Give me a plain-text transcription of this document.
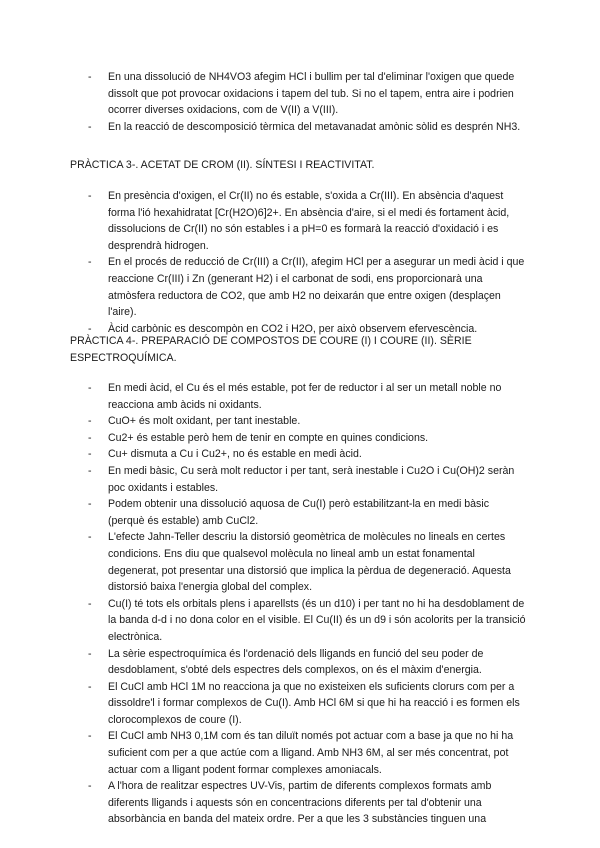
- En una dissolució de NH4VO3 afegim HCl i bullim per tal d'eliminar l'oxigen que quede dissolt que pot provocar oxidacions i tapem del tub. Si no el tapem, entra aire i podrien ocorrer diverses oxidacions, com de V(II) a V(III).
- En la reacció de descomposició tèrmica del metavanadat amònic sòlid es desprén NH3.
PRÀCTICA 3-. ACETAT DE CROM (II). SÍNTESI I REACTIVITAT.
- En presència d'oxigen, el Cr(II) no és estable, s'oxida a Cr(III). En absència d'aquest forma l'ió hexahidratat [Cr(H2O)6]2+. En absència d'aire, si el medi és fortament àcid, dissolucions de Cr(II) no són estables i a pH=0 es formarà la reacció d'oxidació i es desprendrà hidrogen.
- En el procés de reducció de Cr(III) a Cr(II), afegim HCl per a asegurar un medi àcid i que reaccione Cr(III) i Zn (generant H2) i el carbonat de sodi, ens proporcionarà una atmòsfera reductora de CO2, que amb H2 no deixarán que entre oxigen (desplaçen l'aire).
- Àcid carbònic es descompòn en CO2 i H2O, per això observem efervescència.
PRÀCTICA 4-. PREPARACIÓ DE COMPOSTOS DE COURE (I) I COURE (II). SÈRIE ESPECTROQUÍMICA.
- En medi àcid, el Cu és el més estable, pot fer de reductor i al ser un metall noble no reacciona amb àcids ni oxidants.
- CuO+ és molt oxidant, per tant inestable.
- Cu2+ és estable però hem de tenir en compte en quines condicions.
- Cu+ dismuta a Cu i Cu2+, no és estable en medi àcid.
- En medi bàsic, Cu serà molt reductor i per tant, serà inestable i Cu2O i Cu(OH)2 seràn poc oxidants i estables.
- Podem obtenir una dissolució aquosa de Cu(I) però estabilitzant-la en medi bàsic (perquè és estable) amb CuCl2.
- L'efecte Jahn-Teller descriu la distorsió geomètrica de molècules no lineals en certes condicions. Ens diu que qualsevol molècula no lineal amb un estat fonamental degenerat, pot presentar una distorsió que implica la pèrdua de degeneració. Aquesta distorsió baixa l'energia global del complex.
- Cu(I) té tots els orbitals plens i aparellsts (és un d10) i per tant no hi ha desdoblament de la banda d-d i no dona color en el visible. El Cu(II) és un d9 i són acolorits per la transició electrònica.
- La sèrie espectroquímica és l'ordenació dels lligands en funció del seu poder de desdoblament, s'obté dels espectres dels complexos, on és el màxim d'energia.
- El CuCl amb HCl 1M no reacciona ja que no existeixen els suficients clorurs com per a dissoldre'l i formar complexos de Cu(I). Amb HCl 6M si que hi ha reacció i es formen els clorocomplexos de coure (I).
- El CuCl amb NH3 0,1M com és tan diluït només pot actuar com a base ja que no hi ha suficient com per a que actúe com a lligand. Amb NH3 6M, al ser més concentrat, pot actuar com a lligant podent formar complexes amoniacals.
- A l'hora de realitzar espectres UV-Vis, partim de diferents complexos formats amb diferents lligands i aquests són en concentracions diferents per tal d'obtenir una absorbància en banda del mateix ordre. Per a que les 3 substàncies tinguen una
